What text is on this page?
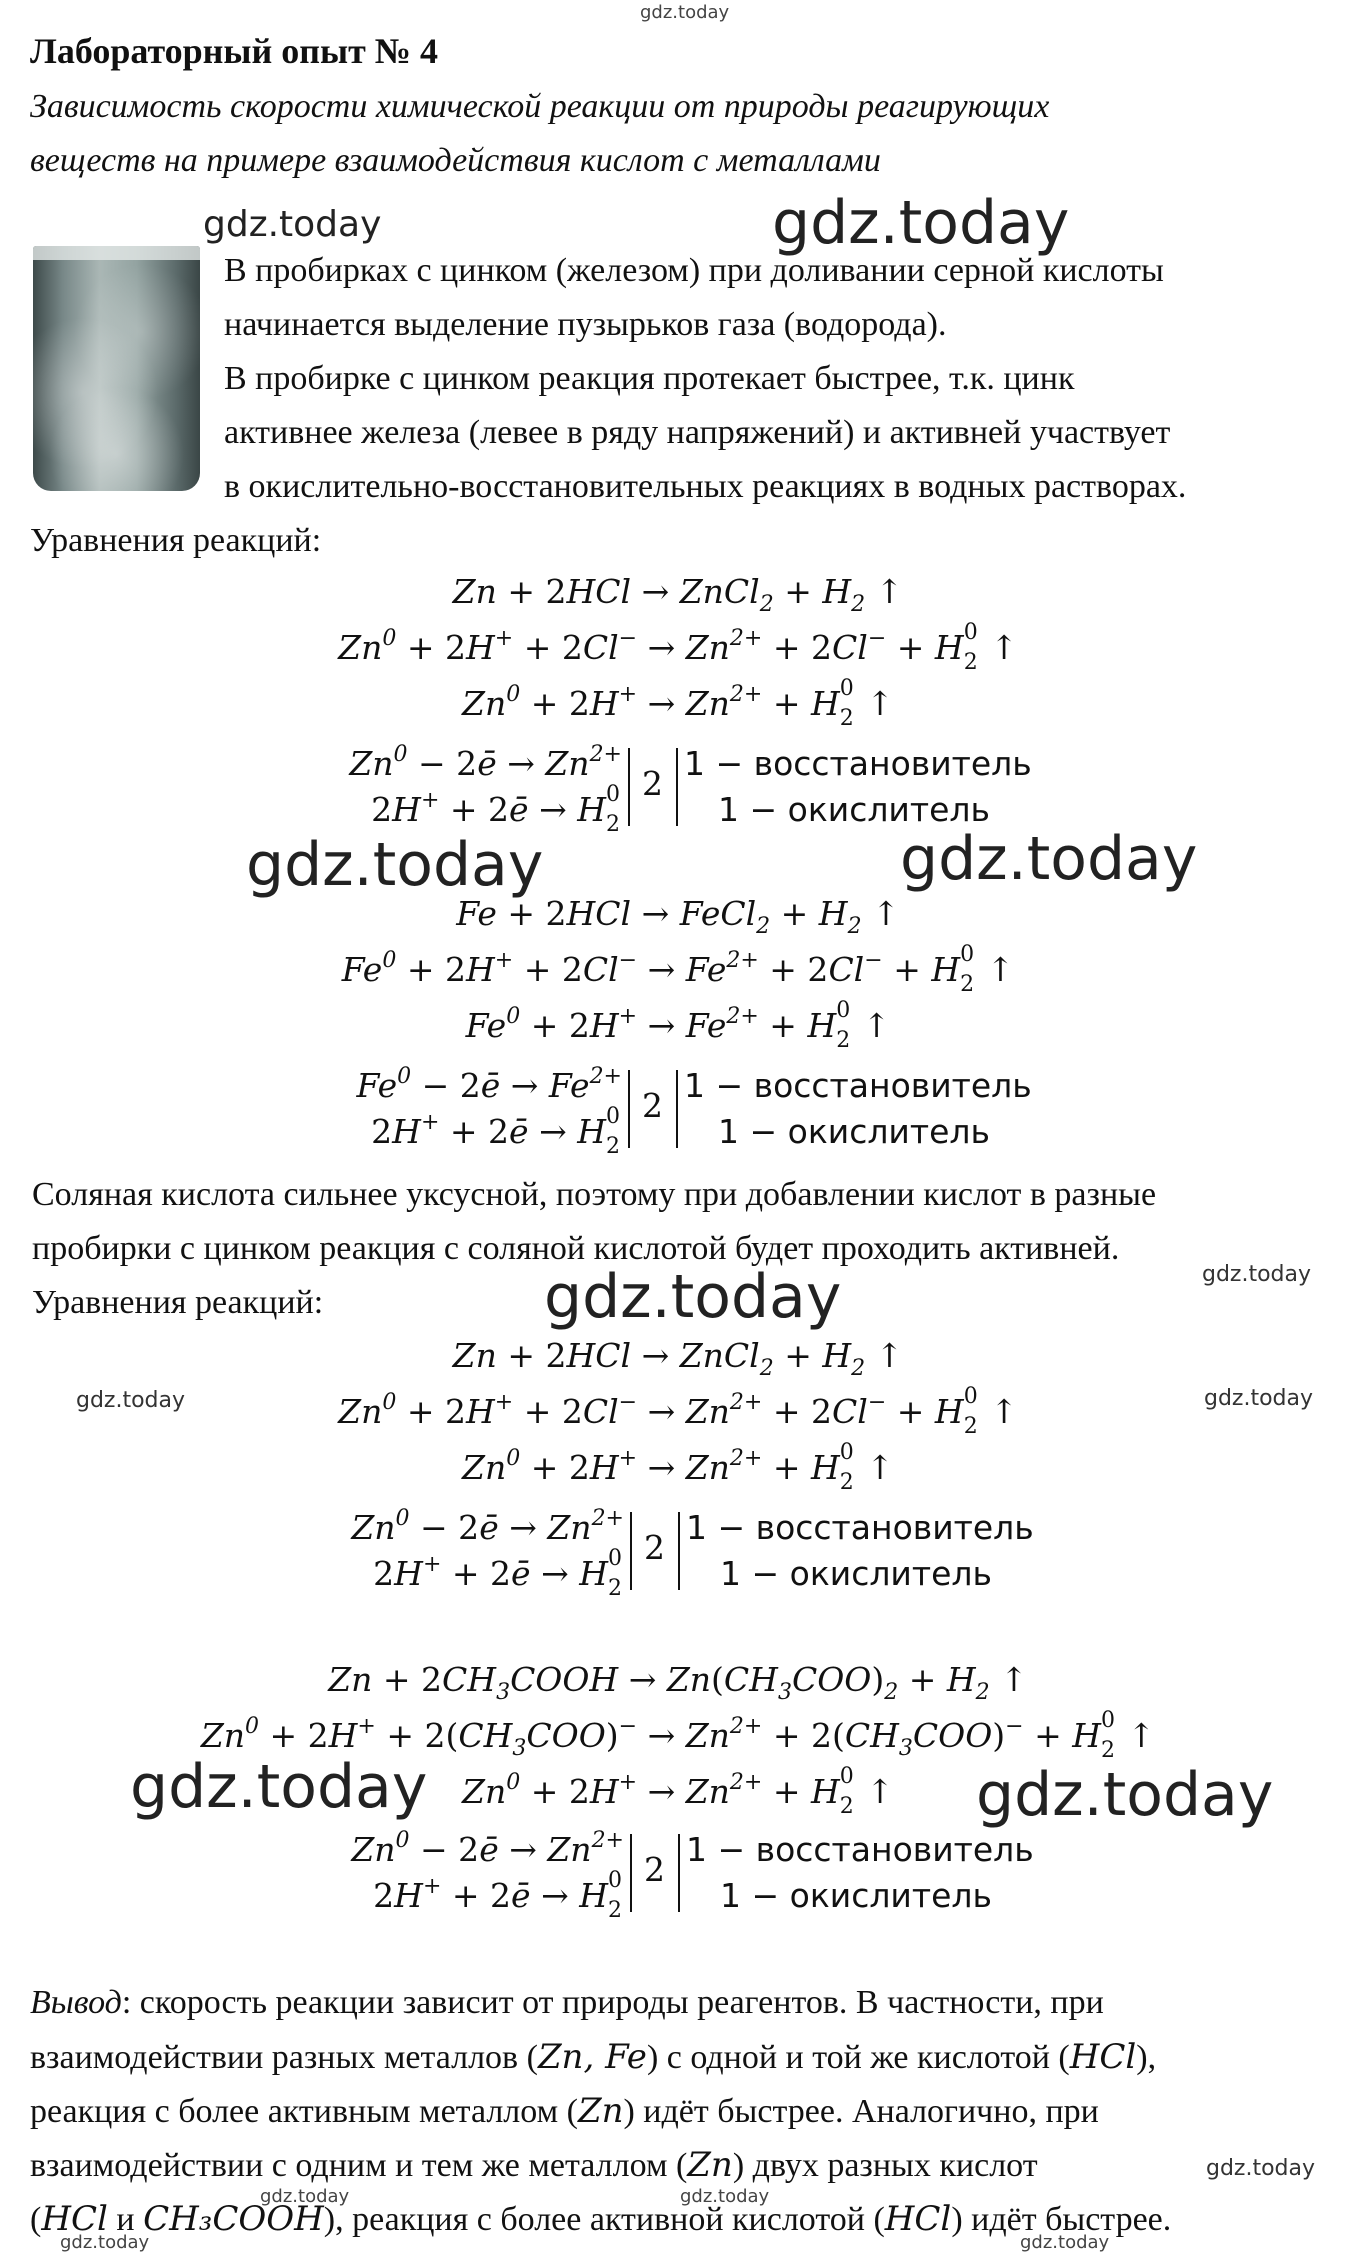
gdz.today
Лабораторный опыт № 4
Зависимость скорости химической реакции от природы реагирующих
веществ на примере взаимодействия кислот с металлами
gdz.today	gdz.today
В пробирках с цинком (железом) при доливании серной кислоты
начинается выделение пузырьков газа (водорода).
В пробирке с цинком реакция протекает быстрее, т.к. цинк
активнее железа (левее в ряду напряжений) и активней участвует
в окислительно-восстановительных реакциях в водных растворах.
Уравнения реакций:
Zn + 2HCl → ZnCl$_2$ + $H_2$ ↑
$Zn^0 + 2H^+ + 2Cl^- \to Zn^{2+} + 2Cl^- + H$ 0
2 ↑
$Zn^0 + 2H^+ \to Zn^{2+} + H$ 0
2 ↑
$Zn^0$ − 2ē → $Zn^{2+}$
2H+ + 2ē → H 0
2
2
1 − восстановитель
1 − окислитель
gdz.today	gdz.today
Fe + 2HCl → FeCl$_2$ + $H_2$ ↑
$Fe^0 + 2H^+ + 2Cl^- \to Fe^{2+} + 2Cl^- + H$ 0
2 ↑
$Fe^0 + 2H^+ \to Fe^{2+} + H$ 0
2 ↑
$Fe^0$ − 2ē → $Fe^{2+}$
2H+ + 2ē → H 0
2
2
1 − восстановитель
1 − окислитель
Соляная кислота сильнее уксусной, поэтому при добавлении кислот в разные
пробирки с цинком реакция с соляной кислотой будет проходить активней.
gdz.today
Уравнения реакций:	gdz.today
Zn + 2HCl → ZnCl$_2$ + $H_2$ ↑
gdz.today	gdz.today
$Zn^0 + 2H^+ + 2Cl^- \to Zn^{2+} + 2Cl^- + H$ 0
2 ↑
$Zn^0 + 2H^+ \to Zn^{2+} + H$ 0
2 ↑
$Zn^0$ − 2ē → $Zn^{2+}$
2H+ + 2ē → H 0
2
2
1 − восстановитель
1 − окислитель
$Zn + 2CH_3COOH \to Zn(CH_3COO)_2 + H_2$ ↑
$Zn^0 + 2H^+ + 2(CH_3COO)^- \to Zn^{2+} + 2(CH_3COO)^- + H$ 0
2 ↑
gdz.today	gdz.today
$Zn^0 + 2H^+ \to Zn^{2+} + H$ 0
2 ↑
$Zn^0$ − 2ē → $Zn^{2+}$
2H+ + 2ē → H 0
2
2
1 − восстановитель
1 − окислитель
Вывод: скорость реакции зависит от природы реагентов. В частности, при
взаимодействии разных металлов (Zn, Fe) с одной и той же кислотой (HCl),
реакция с более активным металлом (Zn) идёт быстрее. Аналогично, при
взаимодействии с одним и тем же металлом (Zn) двух разных кислот	gdz.today
(HCl и CH₃COOH), реакция с более активной кислотой (HCl) идёт быстрее.
gdz.today
gdz.today	gdz.today
gdz.today
